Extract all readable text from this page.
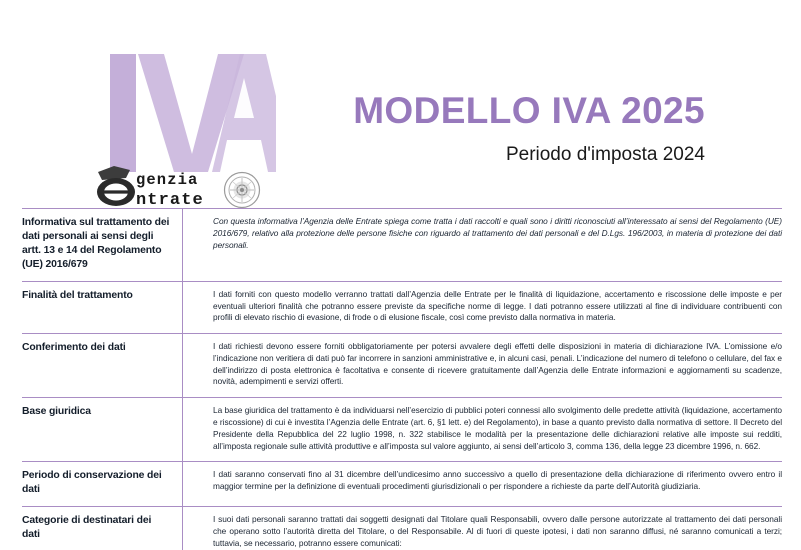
genzia
ntrate
MODELLO IVA 2025

Periodo d'imposta 2024

Informativa sul trattamento dei dati personali ai sensi degli artt. 13 e 14 del Regolamento (UE) 2016/679		Con questa informativa l’Agenzia delle Entrate spiega come tratta i dati raccolti e quali sono i diritti riconosciuti all’interessato ai sensi del Regolamento (UE) 2016/679, relativo alla protezione delle persone fisiche con riguardo al trattamento dei dati personali e del D.Lgs. 196/2003, in materia di protezione dei dati personali.

Finalità del trattamento		I dati forniti con questo modello verranno trattati dall’Agenzia delle Entrate per le finalità di liquidazione, accertamento e riscossione delle imposte e per eventuali ulteriori finalità che potranno essere previste da specifiche norme di legge. I dati potranno essere utilizzati al fine di individuare contribuenti con profili di elevato rischio di evasione, di frode o di elusione fiscale, così come previsto dalla normativa in materia.

Conferimento dei dati		I dati richiesti devono essere forniti obbligatoriamente per potersi avvalere degli effetti delle disposizioni in materia di dichiarazione IVA. L’omissione e/o l’indicazione non veritiera di dati può far incorrere in sanzioni amministrative e, in alcuni casi, penali. L’indicazione del numero di telefono o cellulare, del fax e dell’indirizzo di posta elettronica è facoltativa e consente di ricevere gratuitamente dall’Agenzia delle Entrate informazioni e aggiornamenti su scadenze, novità, adempimenti e servizi offerti.

Base giuridica		La base giuridica del trattamento è da individuarsi nell’esercizio di pubblici poteri connessi allo svolgimento delle predette attività (liquidazione, accertamento e riscossione) di cui è investita l’Agenzia delle Entrate (art. 6, §1 lett. e) del Regolamento), in base a quanto previsto dalla normativa di settore. Il Decreto del Presidente della Repubblica del 22 luglio 1998, n. 322 stabilisce le modalità per la presentazione delle dichiarazioni relative alle imposte sui redditi, all’imposta regionale sulle attività produttive e all’imposta sul valore aggiunto, ai sensi dell’articolo 3, comma 136, della legge 23 dicembre 1996, n. 662.

Periodo di conservazione dei dati		I dati saranno conservati fino al 31 dicembre dell’undicesimo anno successivo a quello di presentazione della dichiarazione di riferimento ovvero entro il maggior termine per la definizione di eventuali procedimenti giurisdizionali o per rispondere a richieste da parte dell’Autorità giudiziaria.

Categorie di destinatari dei dati		I suoi dati personali saranno trattati dai soggetti designati dal Titolare quali Responsabili, ovvero dalle persone autorizzate al trattamento dei dati personali che operano sotto l’autorità diretta del Titolare, o del Responsabile. Al di fuori di queste ipotesi, i dati non saranno diffusi, né saranno comunicati a terzi; tuttavia, se necessario, potranno essere comunicati:
